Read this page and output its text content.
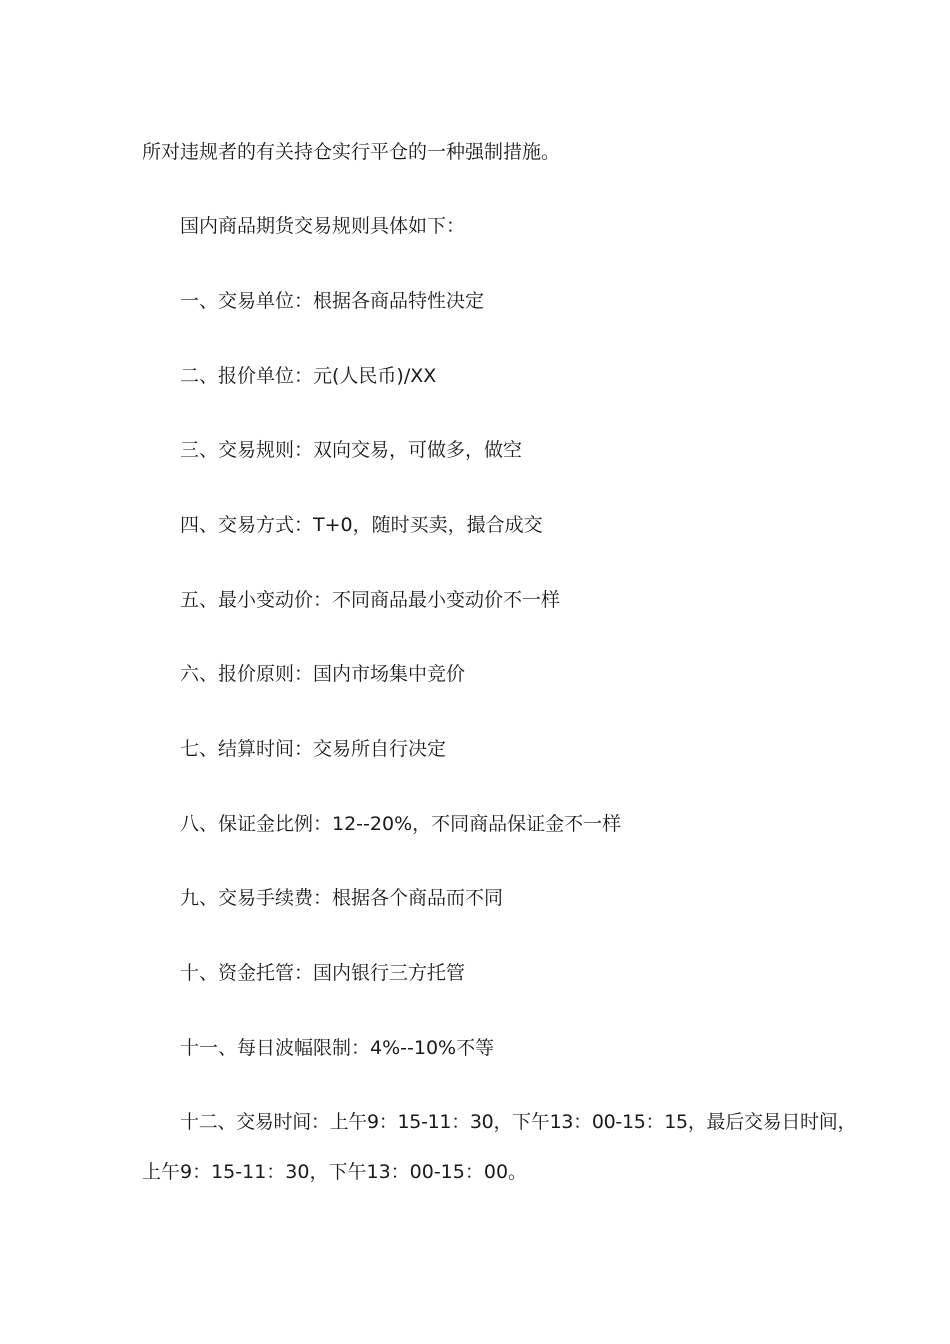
所对违规者的有关持仓实行平仓的一种强制措施。
国内商品期货交易规则具体如下：
一、交易单位：根据各商品特性决定
二、报价单位：元(人民币)/XX
三、交易规则：双向交易，可做多，做空
四、交易方式：T+0，随时买卖，撮合成交
五、最小变动价：不同商品最小变动价不一样
六、报价原则：国内市场集中竞价
七、结算时间：交易所自行决定
八、保证金比例：12--20%，不同商品保证金不一样
九、交易手续费：根据各个商品而不同
十、资金托管：国内银行三方托管
十一、每日波幅限制：4%--10%不等
十二、交易时间：上午9：15-11：30，下午13：00-15：15，最后交易日时间，
上午9：15-11：30，下午13：00-15：00。
